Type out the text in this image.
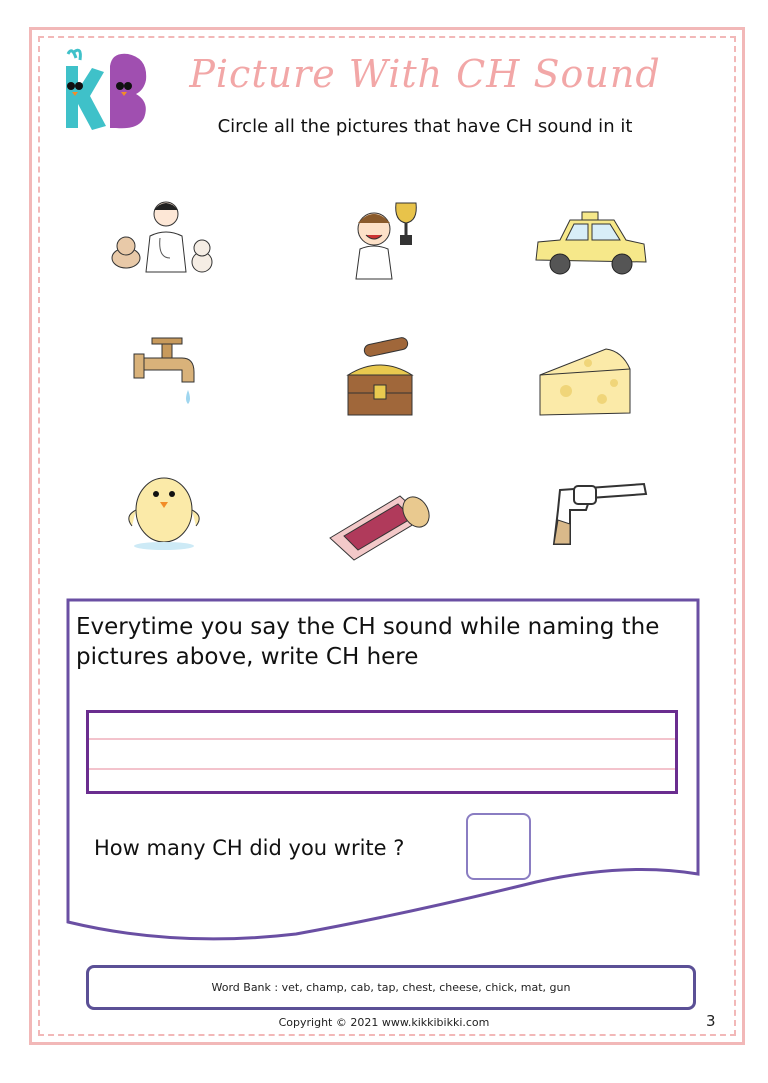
Picture With CH Sound
Circle all the pictures that have CH sound in it
Everytime you say the CH sound while naming the pictures above, write CH here
How many CH did you write ?
Word Bank : vet, champ, cab, tap, chest, cheese, chick, mat, gun
Copyright © 2021 www.kikkibikki.com	3
